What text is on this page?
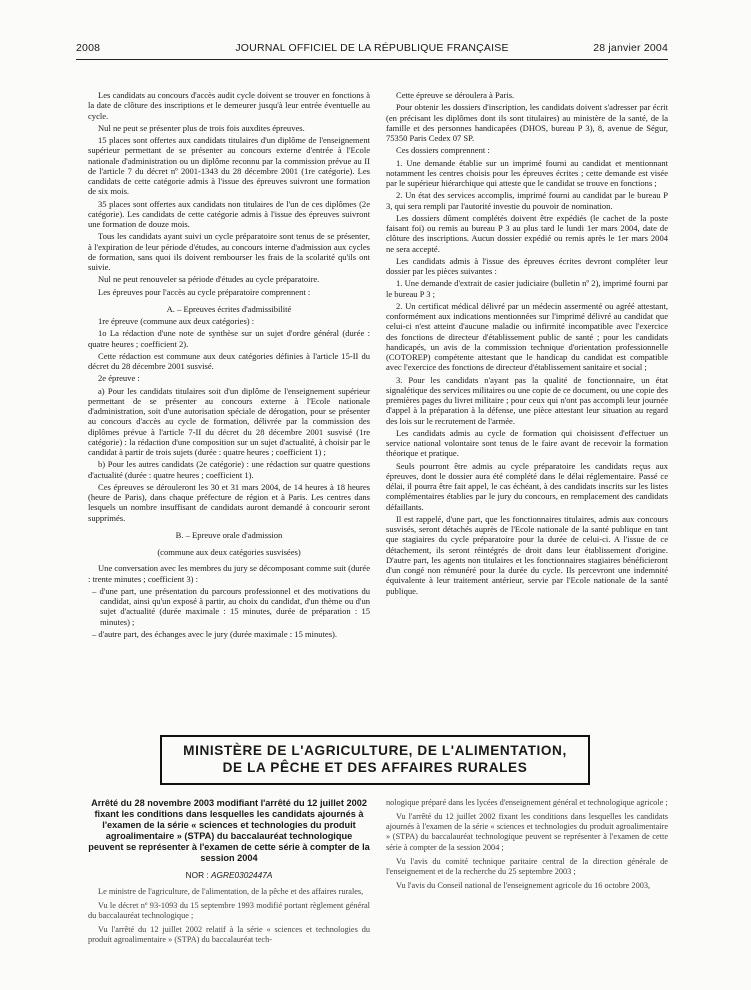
2008	JOURNAL OFFICIEL DE LA RÉPUBLIQUE FRANÇAISE	28 janvier 2004

Les candidats au concours d'accès audit cycle doivent se trouver en fonctions à la date de clôture des inscriptions et le demeurer jusqu'à leur entrée éventuelle au cycle.

Nul ne peut se présenter plus de trois fois auxdites épreuves.

15 places sont offertes aux candidats titulaires d'un diplôme de l'enseignement supérieur permettant de se présenter au concours externe d'entrée à l'Ecole nationale d'administration ou un diplôme reconnu par la commission prévue au II de l'article 7 du décret nº 2001-1343 du 28 décembre 2001 (1re catégorie). Les candidats de cette catégorie admis à l'issue des épreuves suivront une formation de six mois.

35 places sont offertes aux candidats non titulaires de l'un de ces diplômes (2e catégorie). Les candidats de cette catégorie admis à l'issue des épreuves suivront une formation de douze mois.

Tous les candidats ayant suivi un cycle préparatoire sont tenus de se présenter, à l'expiration de leur période d'études, au concours interne d'admission aux cycles de formation, sans quoi ils doivent rembourser les frais de la scolarité qu'ils ont suivie.

Nul ne peut renouveler sa période d'études au cycle préparatoire.

Les épreuves pour l'accès au cycle préparatoire comprennent :

A. – Epreuves écrites d'admissibilité

1re épreuve (commune aux deux catégories) :

1o La rédaction d'une note de synthèse sur un sujet d'ordre général (durée : quatre heures ; coefficient 2).

Cette rédaction est commune aux deux catégories définies à l'article 15-II du décret du 28 décembre 2001 susvisé.

2e épreuve :

a) Pour les candidats titulaires soit d'un diplôme de l'enseignement supérieur permettant de se présenter au concours externe à l'Ecole nationale d'administration, soit d'une autorisation spéciale de dérogation, pour se présenter au concours d'accès au cycle de formation, délivrée par la commission des diplômes prévue à l'article 7-II du décret du 28 décembre 2001 susvisé (1re catégorie) : la rédaction d'une composition sur un sujet d'actualité, à choisir par le candidat à partir de trois sujets (durée : quatre heures ; coefficient 1) ;

b) Pour les autres candidats (2e catégorie) : une rédaction sur quatre questions d'actualité (durée : quatre heures ; coefficient 1).

Ces épreuves se dérouleront les 30 et 31 mars 2004, de 14 heures à 18 heures (heure de Paris), dans chaque préfecture de région et à Paris. Les centres dans lesquels un nombre insuffisant de candidats auront demandé à concourir seront supprimés.

B. – Epreuve orale d'admission

(commune aux deux catégories susvisées)

Une conversation avec les membres du jury se décomposant comme suit (durée : trente minutes ; coefficient 3) :

– d'une part, une présentation du parcours professionnel et des motivations du candidat, ainsi qu'un exposé à partir, au choix du candidat, d'un thème ou d'un sujet d'actualité (durée maximale : 15 minutes, durée de préparation : 15 minutes) ;

– d'autre part, des échanges avec le jury (durée maximale : 15 minutes).

Cette épreuve se déroulera à Paris.

Pour obtenir les dossiers d'inscription, les candidats doivent s'adresser par écrit (en précisant les diplômes dont ils sont titulaires) au ministère de la santé, de la famille et des personnes handicapées (DHOS, bureau P 3), 8, avenue de Ségur, 75350 Paris Cedex 07 SP.

Ces dossiers comprennent :

1. Une demande établie sur un imprimé fourni au candidat et mentionnant notamment les centres choisis pour les épreuves écrites ; cette demande est visée par le supérieur hiérarchique qui atteste que le candidat se trouve en fonctions ;

2. Un état des services accomplis, imprimé fourni au candidat par le bureau P 3, qui sera rempli par l'autorité investie du pouvoir de nomination.

Les dossiers dûment complétés doivent être expédiés (le cachet de la poste faisant foi) ou remis au bureau P 3 au plus tard le lundi 1er mars 2004, date de clôture des inscriptions. Aucun dossier expédié ou remis après le 1er mars 2004 ne sera accepté.

Les candidats admis à l'issue des épreuves écrites devront compléter leur dossier par les pièces suivantes :

1. Une demande d'extrait de casier judiciaire (bulletin nº 2), imprimé fourni par le bureau P 3 ;

2. Un certificat médical délivré par un médecin assermenté ou agréé attestant, conformément aux indications mentionnées sur l'imprimé délivré au candidat que celui-ci n'est atteint d'aucune maladie ou infirmité incompatible avec l'exercice des fonctions de directeur d'établissement public de santé ; pour les candidats handicapés, un avis de la commission technique d'orientation professionnelle (COTOREP) compétente attestant que le handicap du candidat est compatible avec l'exercice des fonctions de directeur d'établissement sanitaire et social ;

3. Pour les candidats n'ayant pas la qualité de fonctionnaire, un état signalétique des services militaires ou une copie de ce document, ou une copie des premières pages du livret militaire ; pour ceux qui n'ont pas accompli leur journée d'appel à la préparation à la défense, une pièce attestant leur situation au regard des lois sur le recrutement de l'armée.

Les candidats admis au cycle de formation qui choisissent d'effectuer un service national volontaire sont tenus de le faire avant de recevoir la formation théorique et pratique.

Seuls pourront être admis au cycle préparatoire les candidats reçus aux épreuves, dont le dossier aura été complété dans le délai réglementaire. Passé ce délai, il pourra être fait appel, le cas échéant, à des candidats inscrits sur les listes complémentaires établies par le jury du concours, en remplacement des candidats défaillants.

Il est rappelé, d'une part, que les fonctionnaires titulaires, admis aux concours susvisés, seront détachés auprès de l'Ecole nationale de la santé publique en tant que stagiaires du cycle préparatoire pour la durée de celui-ci. A l'issue de ce détachement, ils seront réintégrés de droit dans leur établissement d'origine. D'autre part, les agents non titulaires et les fonctionnaires stagiaires bénéficieront d'un congé non rémunéré pour la durée du cycle. Ils percevront une indemnité équivalente à leur traitement antérieur, servie par l'Ecole nationale de la santé publique.

MINISTÈRE DE L'AGRICULTURE, DE L'ALIMENTATION,
DE LA PÊCHE ET DES AFFAIRES RURALES
Arrêté du 28 novembre 2003 modifiant l'arrêté du 12 juillet 2002 fixant les conditions dans lesquelles les candidats ajournés à l'examen de la série « sciences et technologies du produit agroalimentaire » (STPA) du baccalauréat technologique peuvent se représenter à l'examen de cette série à compter de la session 2004
NOR : AGRE0302447A

Le ministre de l'agriculture, de l'alimentation, de la pêche et des affaires rurales,

Vu le décret nº 93-1093 du 15 septembre 1993 modifié portant règlement général du baccalauréat technologique ;

Vu l'arrêté du 12 juillet 2002 relatif à la série « sciences et technologies du produit agroalimentaire » (STPA) du baccalauréat tech-

nologique préparé dans les lycées d'enseignement général et technologique agricole ;

Vu l'arrêté du 12 juillet 2002 fixant les conditions dans lesquelles les candidats ajournés à l'examen de la série « sciences et technologies du produit agroalimentaire » (STPA) du baccalauréat technologique peuvent se représenter à l'examen de cette série à compter de la session 2004 ;

Vu l'avis du comité technique paritaire central de la direction générale de l'enseignement et de la recherche du 25 septembre 2003 ;

Vu l'avis du Conseil national de l'enseignement agricole du 16 octobre 2003,
